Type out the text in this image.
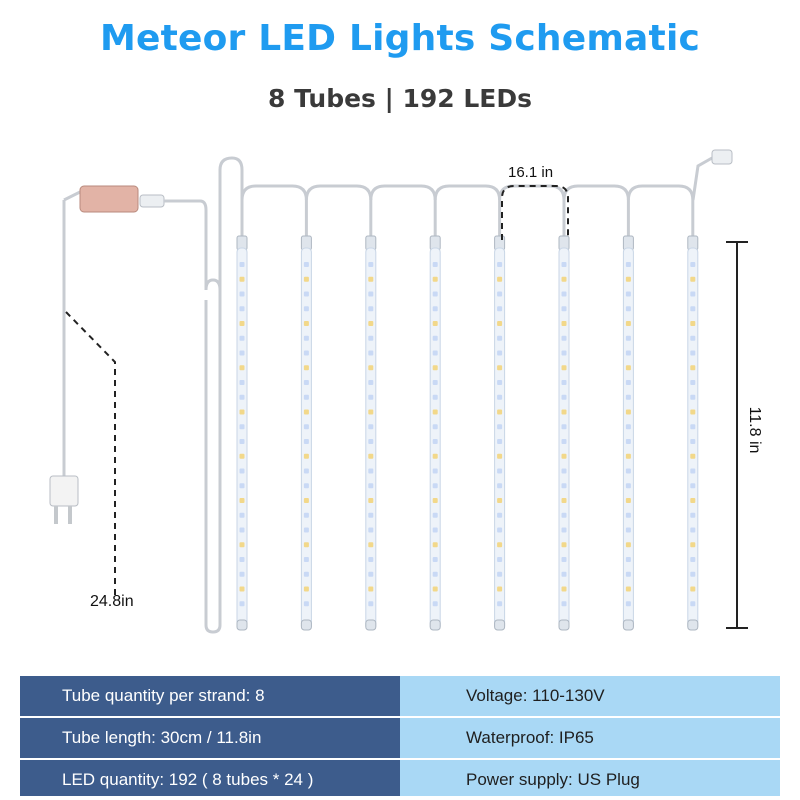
Meteor LED Lights Schematic
8 Tubes | 192 LEDs
24.8in
16.1 in
11.8 in
Tube quantity per strand: 8	Voltage: 110-130V
Tube length: 30cm / 11.8in	Waterproof: IP65
LED quantity: 192 ( 8 tubes * 24 )	Power supply: US Plug
